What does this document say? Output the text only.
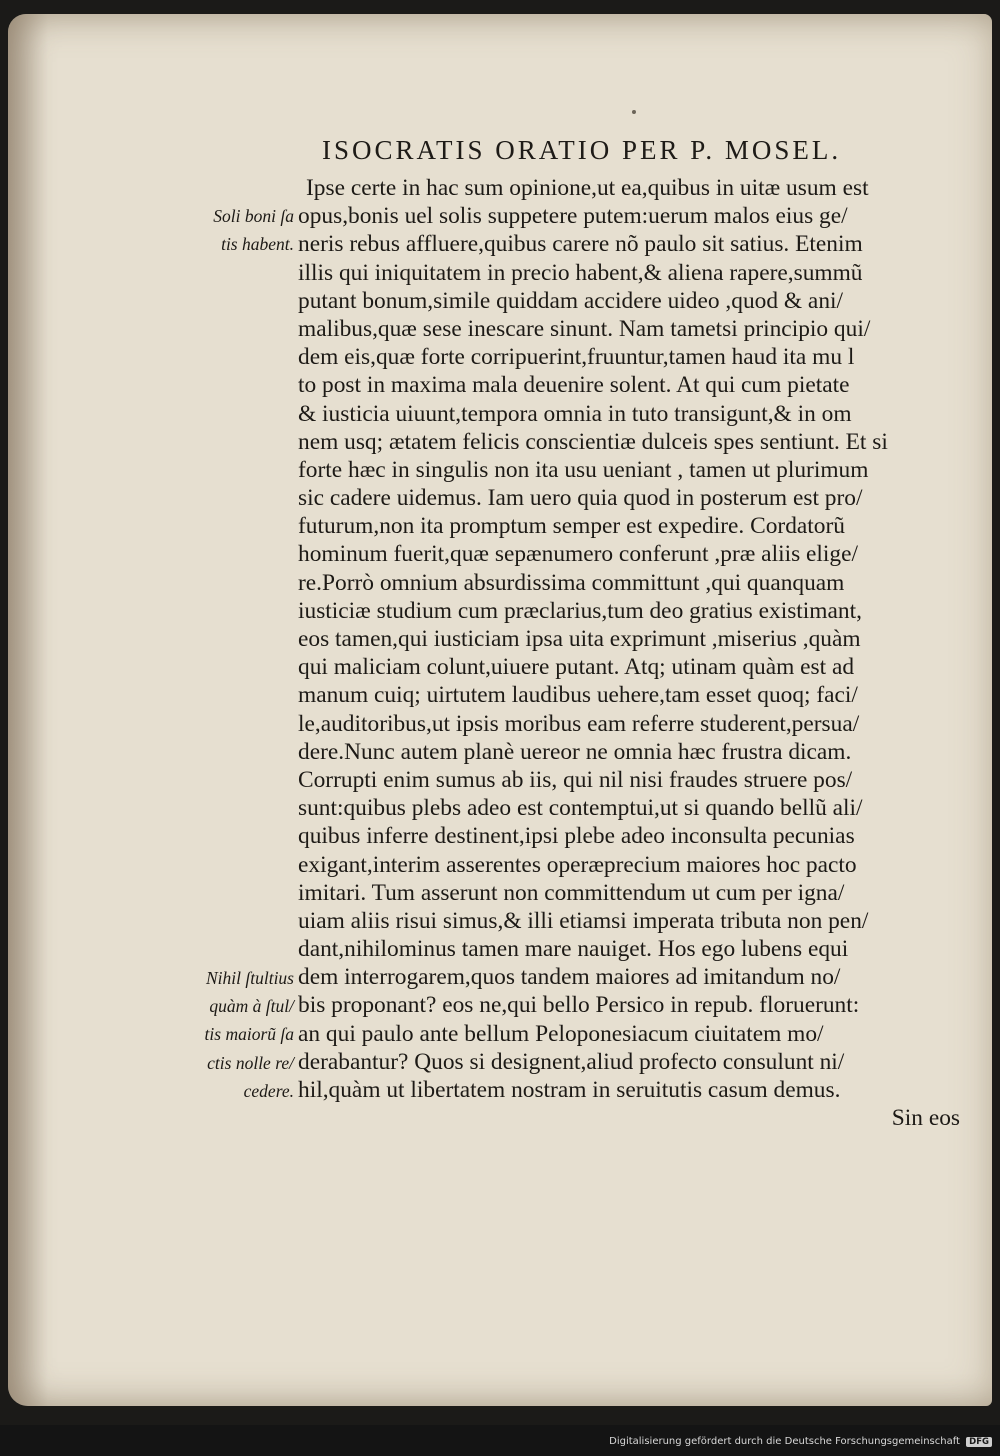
ISOCRATIS ORATIO PER P. MOSEL.
Soli boni ſa
tis habent.
Nihil ſtultius
quàm à ſtul/
tis maiorũ ſa
ctis nolle re/
cedere.
Ipse certe in hac sum opinione,ut ea,quibus in uitæ usum est
opus,bonis uel solis suppetere putem:uerum malos eius ge/
neris rebus affluere,quibus carere nõ paulo sit satius. Etenim
illis qui iniquitatem in precio habent,& aliena rapere,summũ
putant bonum,simile quiddam accidere uideo ,quod & ani/
malibus,quæ sese inescare sinunt. Nam tametsi principio qui/
dem eis,quæ forte corripuerint,fruuntur,tamen haud ita mu l
to post in maxima mala deuenire solent. At qui cum pietate
& iusticia uiuunt,tempora omnia in tuto transigunt,& in om
nem usq; ætatem felicis conscientiæ dulceis spes sentiunt. Et si
forte hæc in singulis non ita usu ueniant , tamen ut plurimum
sic cadere uidemus. Iam uero quia quod in posterum est pro/
futurum,non ita promptum semper est expedire. Cordatorũ
hominum fuerit,quæ sepænumero conferunt ,præ aliis elige/
re.Porrò omnium absurdissima committunt ,qui quanquam
iusticiæ studium cum præclarius,tum deo gratius existimant,
eos tamen,qui iusticiam ipsa uita exprimunt ,miserius ,quàm
qui maliciam colunt,uiuere putant. Atq; utinam quàm est ad
manum cuiq; uirtutem laudibus uehere,tam esset quoq; faci/
le,auditoribus,ut ipsis moribus eam referre studerent,persua/
dere.Nunc autem planè uereor ne omnia hæc frustra dicam.
Corrupti enim sumus ab iis, qui nil nisi fraudes struere pos/
sunt:quibus plebs adeo est contemptui,ut si quando bellũ ali/
quibus inferre destinent,ipsi plebe adeo inconsulta pecunias
exigant,interim asserentes operæprecium maiores hoc pacto
imitari. Tum asserunt non committendum ut cum per igna/
uiam aliis risui simus,& illi etiamsi imperata tributa non pen/
dant,nihilominus tamen mare nauiget. Hos ego lubens equi
dem interrogarem,quos tandem maiores ad imitandum no/
bis proponant? eos ne,qui bello Persico in repub. floruerunt:
an qui paulo ante bellum Peloponesiacum ciuitatem mo/
derabantur? Quos si designent,aliud profecto consulunt ni/
hil,quàm ut libertatem nostram in seruitutis casum demus.
Sin eos
Digitalisierung gefördert durch die Deutsche Forschungsgemeinschaft DFG
